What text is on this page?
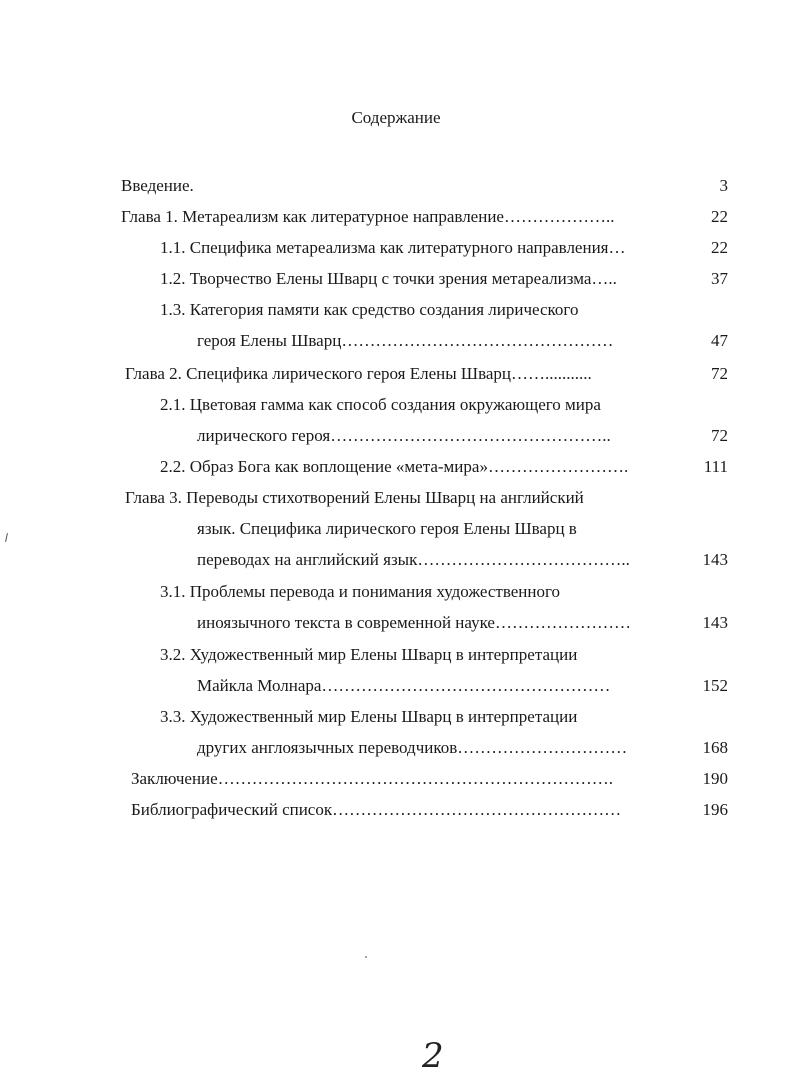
Содержание
Введение.	3
Глава 1. Метареализм как литературное направление………………..	22
1.1. Специфика метареализма как литературного направления…	22
1.2. Творчество Елены Шварц с точки зрения метареализма…..	37
1.3. Категория памяти как средство создания лирического
героя Елены Шварц…………………………………………	47
Глава 2. Специфика лирического героя Елены Шварц……...........	72
2.1. Цветовая гамма как способ создания окружающего мира
лирического героя…………………………………………..	72
2.2. Образ Бога как воплощение «мета-мира»…………………….	111
Глава 3. Переводы стихотворений Елены Шварц на английский
язык. Специфика лирического героя Елены Шварц в
переводах на английский язык………………………………..	143
3.1. Проблемы перевода и понимания художественного
иноязычного текста в современной науке……………………	143
3.2. Художественный мир Елены Шварц в интерпретации
Майкла Молнара……………………………………………	152
3.3. Художественный мир Елены Шварц в интерпретации
других англоязычных переводчиков…………………………	168
Заключение…………………………………………………………….	190
Библиографический список……………………………………………	196
2
